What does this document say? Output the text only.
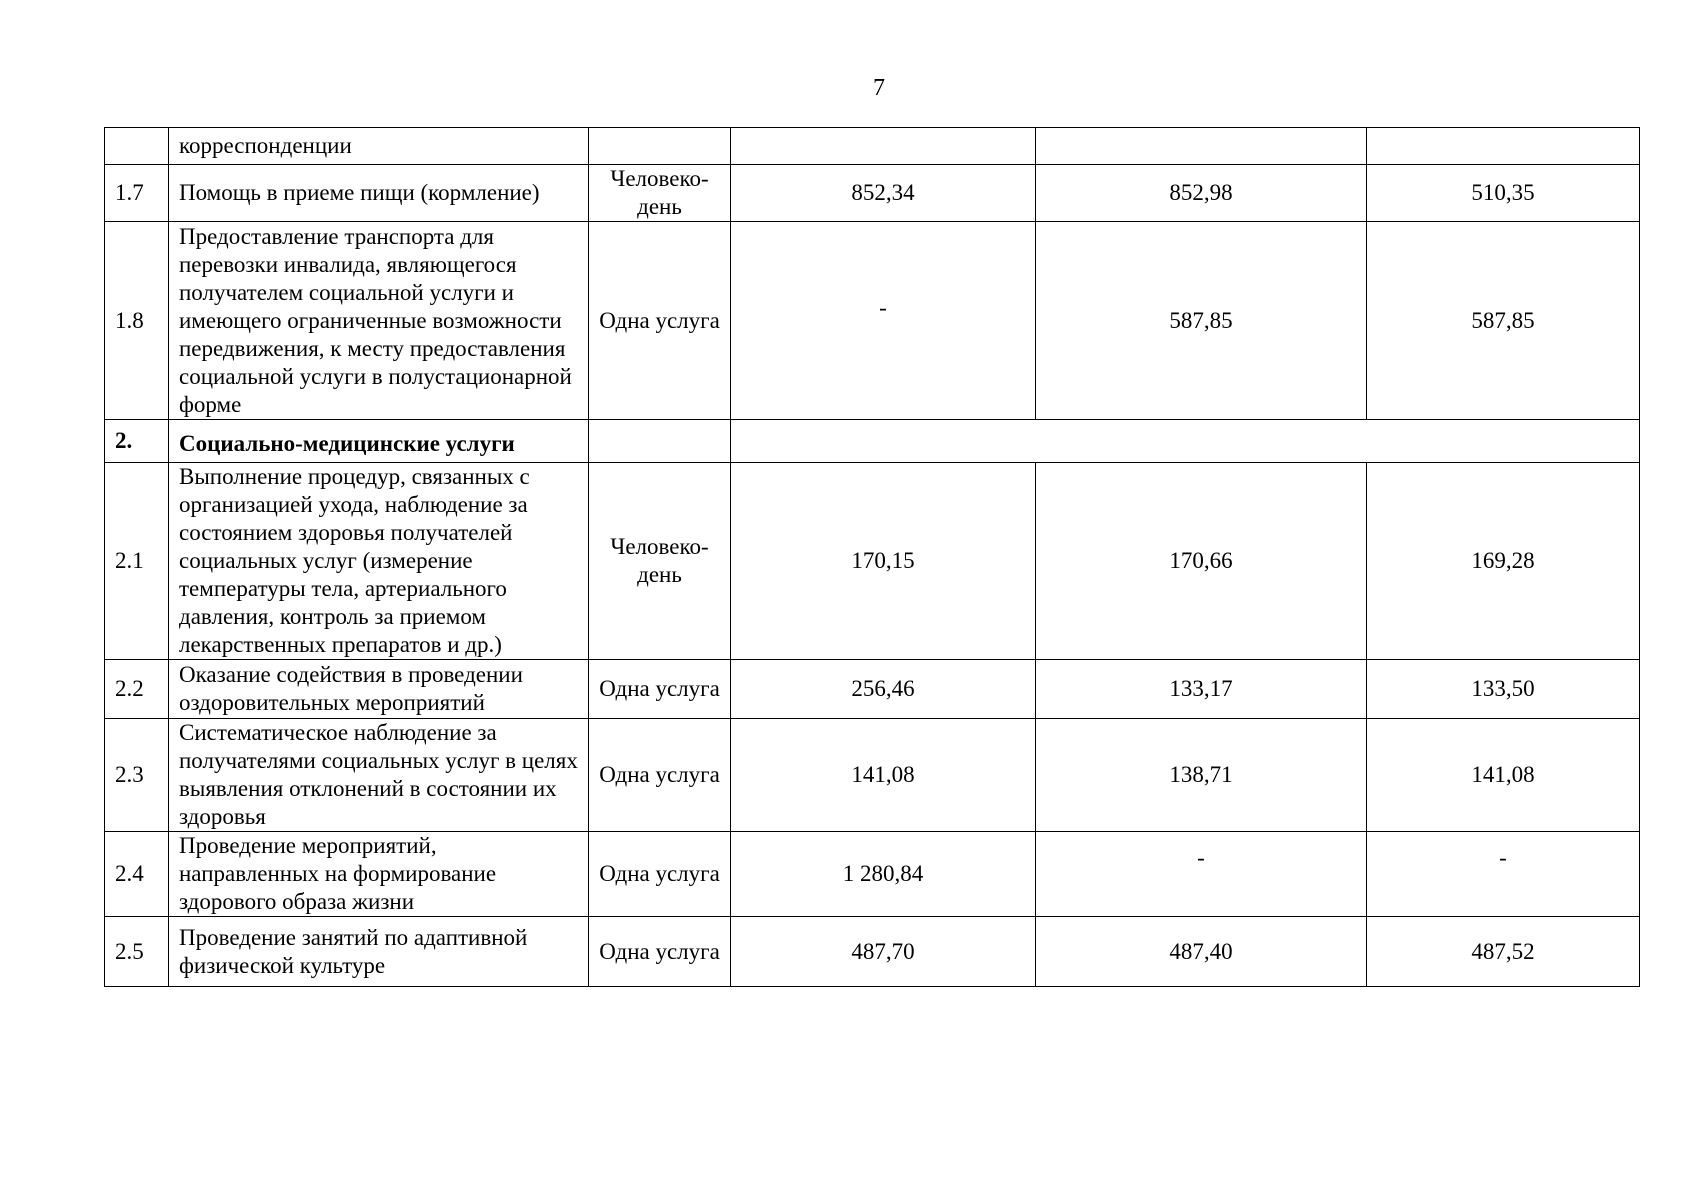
7
	корреспонденции				
1.7	Помощь в приеме пищи (кормление)	Человеко-день	852,34	852,98	510,35
1.8	Предоставление транспорта для перевозки инвалида, являющегося получателем социальной услуги и имеющего ограниченные возможности передвижения, к месту предоставления социальной услуги в полустационарной форме	Одна услуга	-	587,85	587,85
2.	Социально-медицинские услуги				
2.1	Выполнение процедур, связанных с организацией ухода, наблюдение за состоянием здоровья получателей социальных услуг (измерение температуры тела, артериального давления, контроль за приемом лекарственных препаратов и др.)	Человеко-день	170,15	170,66	169,28
2.2	Оказание содействия в проведении оздоровительных мероприятий	Одна услуга	256,46	133,17	133,50
2.3	Систематическое наблюдение за получателями социальных услуг в целях выявления отклонений в состоянии их здоровья	Одна услуга	141,08	138,71	141,08
2.4	Проведение мероприятий, направленных на формирование здорового образа жизни	Одна услуга	1 280,84	-	-
2.5	Проведение занятий по адаптивной физической культуре	Одна услуга	487,70	487,40	487,52
